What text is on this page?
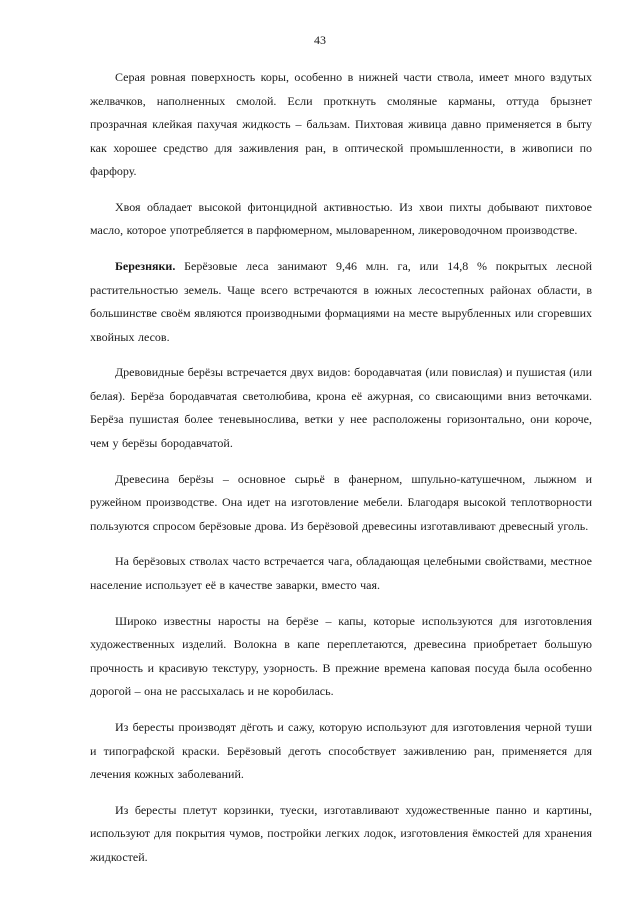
43

Серая ровная поверхность коры, особенно в нижней части ствола, имеет много вздутых желвачков, наполненных смолой. Если проткнуть смоляные карманы, оттуда брызнет прозрачная клейкая пахучая жидкость – бальзам. Пихтовая живица давно применяется в быту как хорошее средство для заживления ран, в оптической промышленности, в живописи по фарфору.

Хвоя обладает высокой фитонцидной активностью. Из хвои пихты добывают пихтовое масло, которое употребляется в парфюмерном, мыловаренном, ликероводочном производстве.

Березняки. Берёзовые леса занимают 9,46 млн. га, или 14,8 % покрытых лесной растительностью земель. Чаще всего встречаются в южных лесостепных районах области, в большинстве своём являются производными формациями на месте вырубленных или сгоревших хвойных лесов.

Древовидные берёзы встречается двух видов: бородавчатая (или повислая) и пушистая (или белая). Берёза бородавчатая светолюбива, крона её ажурная, со свисающими вниз веточками. Берёза пушистая более теневынослива, ветки у нее расположены горизонтально, они короче, чем у берёзы бородавчатой.

Древесина берёзы – основное сырьё в фанерном, шпульно-катушечном, лыжном и ружейном производстве. Она идет на изготовление мебели. Благодаря высокой теплотворности пользуются спросом берёзовые дрова. Из берёзовой древесины изготавливают древесный уголь.

На берёзовых стволах часто встречается чага, обладающая целебными свойствами, местное население использует её в качестве заварки, вместо чая.

Широко известны наросты на берёзе – капы, которые используются для изготовления художественных изделий. Волокна в капе переплетаются, древесина приобретает большую прочность и красивую текстуру, узорность. В прежние времена каповая посуда была особенно дорогой – она не рассыхалась и не коробилась.

Из бересты производят дёготь и сажу, которую используют для изготовления черной туши и типографской краски. Берёзовый деготь способствует заживлению ран, применяется для лечения кожных заболеваний.

Из бересты плетут корзинки, туески, изготавливают художественные панно и картины, используют для покрытия чумов, постройки легких лодок, изготовления ёмкостей для хранения жидкостей.
